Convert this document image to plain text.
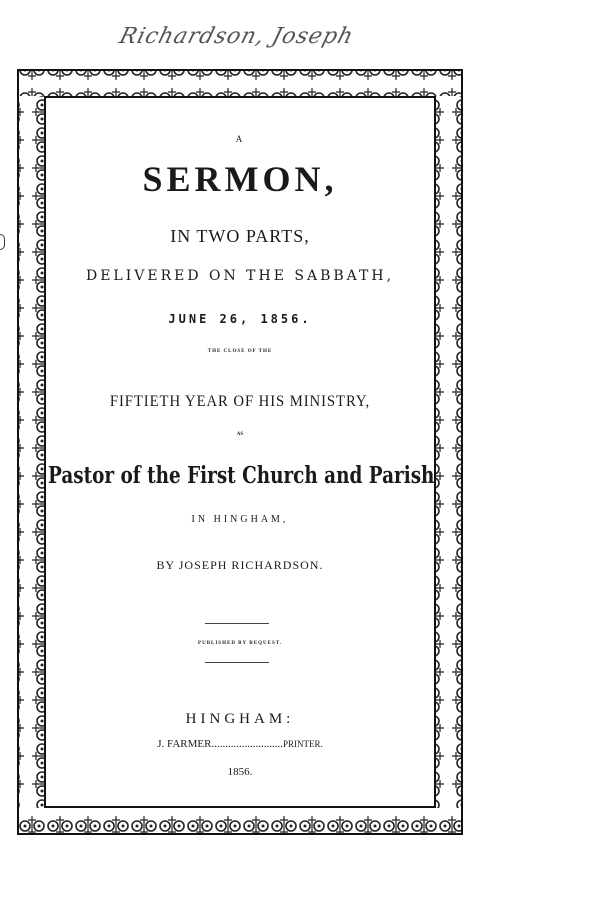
Richardson, Joseph
A
SERMON,
IN TWO PARTS,
DELIVERED ON THE SABBATH,
JUNE 26, 1856.
THE CLOSE OF THE
FIFTIETH YEAR OF HIS MINISTRY,
AS
Pastor of the First Church and Parish
IN HINGHAM,
BY JOSEPH RICHARDSON.
PUBLISHED BY REQUEST.
HINGHAM:
J. FARMER..........................PRINTER.
1856.
